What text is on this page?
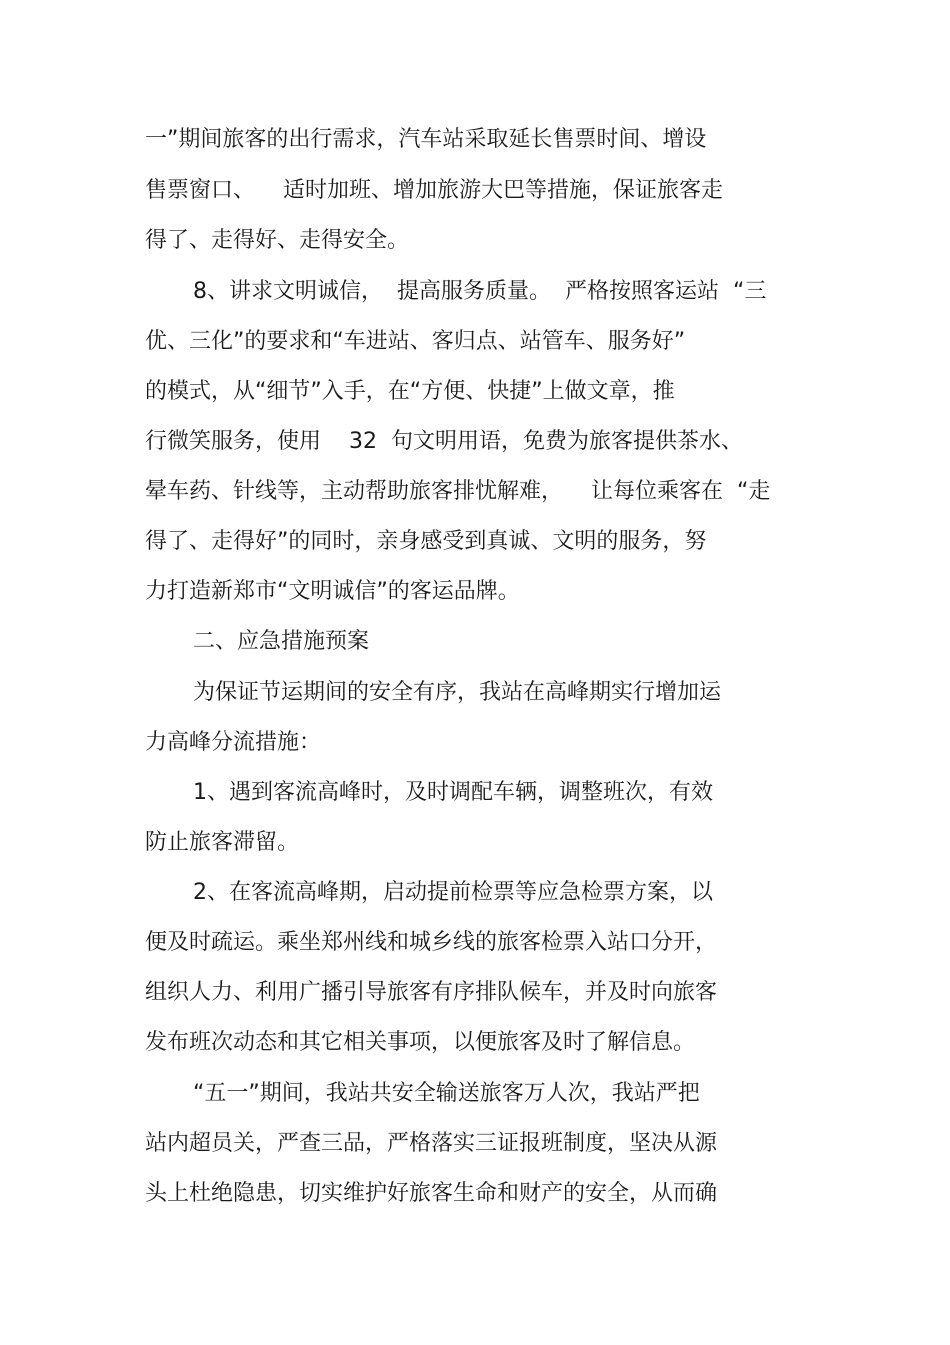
一”期间旅客的出行需求，汽车站采取延长售票时间、增设
售票窗口、    适时加班、增加旅游大巴等措施，保证旅客走
得了、走得好、走得安全。
8、讲求文明诚信，  提高服务质量。  严格按照客运站  “三
优、三化”的要求和“车进站、客归点、站管车、服务好”
的模式，从“细节”入手，在“方便、快捷”上做文章，推
行微笑服务，使用    32  句文明用语，免费为旅客提供茶水、
晕车药、针线等，主动帮助旅客排忧解难，    让每位乘客在  “走
得了、走得好”的同时，亲身感受到真诚、文明的服务，努
力打造新郑市“文明诚信”的客运品牌。
二、应急措施预案
为保证节运期间的安全有序，我站在高峰期实行增加运
力高峰分流措施：
1、遇到客流高峰时，及时调配车辆，调整班次，有效
防止旅客滞留。
2、在客流高峰期，启动提前检票等应急检票方案，以
便及时疏运。乘坐郑州线和城乡线的旅客检票入站口分开，
组织人力、利用广播引导旅客有序排队候车，并及时向旅客
发布班次动态和其它相关事项，以便旅客及时了解信息。
“五一”期间，我站共安全输送旅客万人次，我站严把
站内超员关，严查三品，严格落实三证报班制度，坚决从源
头上杜绝隐患，切实维护好旅客生命和财产的安全，从而确
